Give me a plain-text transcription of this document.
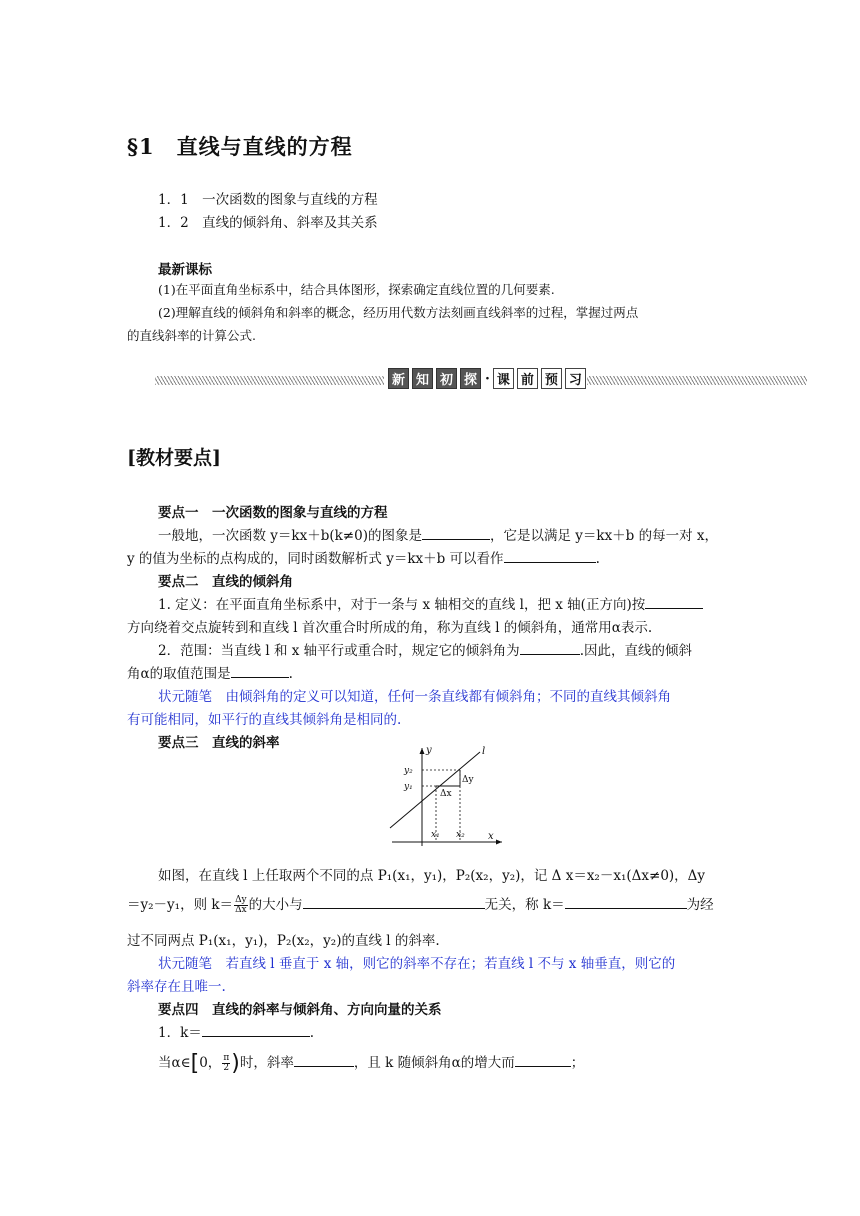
§1 直线与直线的方程
1．1　一次函数的图象与直线的方程
1．2　直线的倾斜角、斜率及其关系
最新课标
(1)在平面直角坐标系中，结合具体图形，探索确定直线位置的几何要素.
(2)理解直线的倾斜角和斜率的概念，经历用代数方法刻画直线斜率的过程，掌握过两点
的直线斜率的计算公式.
新 知 初 探 · 课 前 预 习
[教材要点]
要点一　一次函数的图象与直线的方程
一般地，一次函数 y＝kx＋b(k≠0)的图象是	，它是以满足 y＝kx＋b 的每一对 x，
y 的值为坐标的点构成的，同时函数解析式 y＝kx＋b 可以看作	.
要点二　直线的倾斜角
1. 定义：在平面直角坐标系中，对于一条与 x 轴相交的直线 l，把 x 轴(正方向)按
方向绕着交点旋转到和直线 l 首次重合时所成的角，称为直线 l 的倾斜角，通常用α表示.
2．范围：当直线 l 和 x 轴平行或重合时，规定它的倾斜角为	.因此，直线的倾斜
角α的取值范围是	.
状元随笔　由倾斜角的定义可以知道，任何一条直线都有倾斜角；不同的直线其倾斜角
有可能相同，如平行的直线其倾斜角是相同的.
要点三　直线的斜率	y
x
l
y₂
y₁
x₁ x₂
Δx
Δy
如图，在直线 l 上任取两个不同的点 P₁(x₁，y₁)，P₂(x₂，y₂)，记 Δ x＝x₂－x₁(Δx≠0)，Δy
＝y₂－y₁，则 $k= \frac{\Delta y}{\Delta x}$ 的大小与	无关，称 k＝	为经
过不同两点 P₁(x₁，y₁)，P₂(x₂，y₂)的直线 l 的斜率.
状元随笔　若直线 l 垂直于 x 轴，则它的斜率不存在；若直线 l 不与 x 轴垂直，则它的
斜率存在且唯一.
要点四　直线的斜率与倾斜角、方向向量的关系
1．k＝	.
当α∈[0， $\frac{\pi}{2}$ )时，斜率	，且 k 随倾斜角α的增大而	；
